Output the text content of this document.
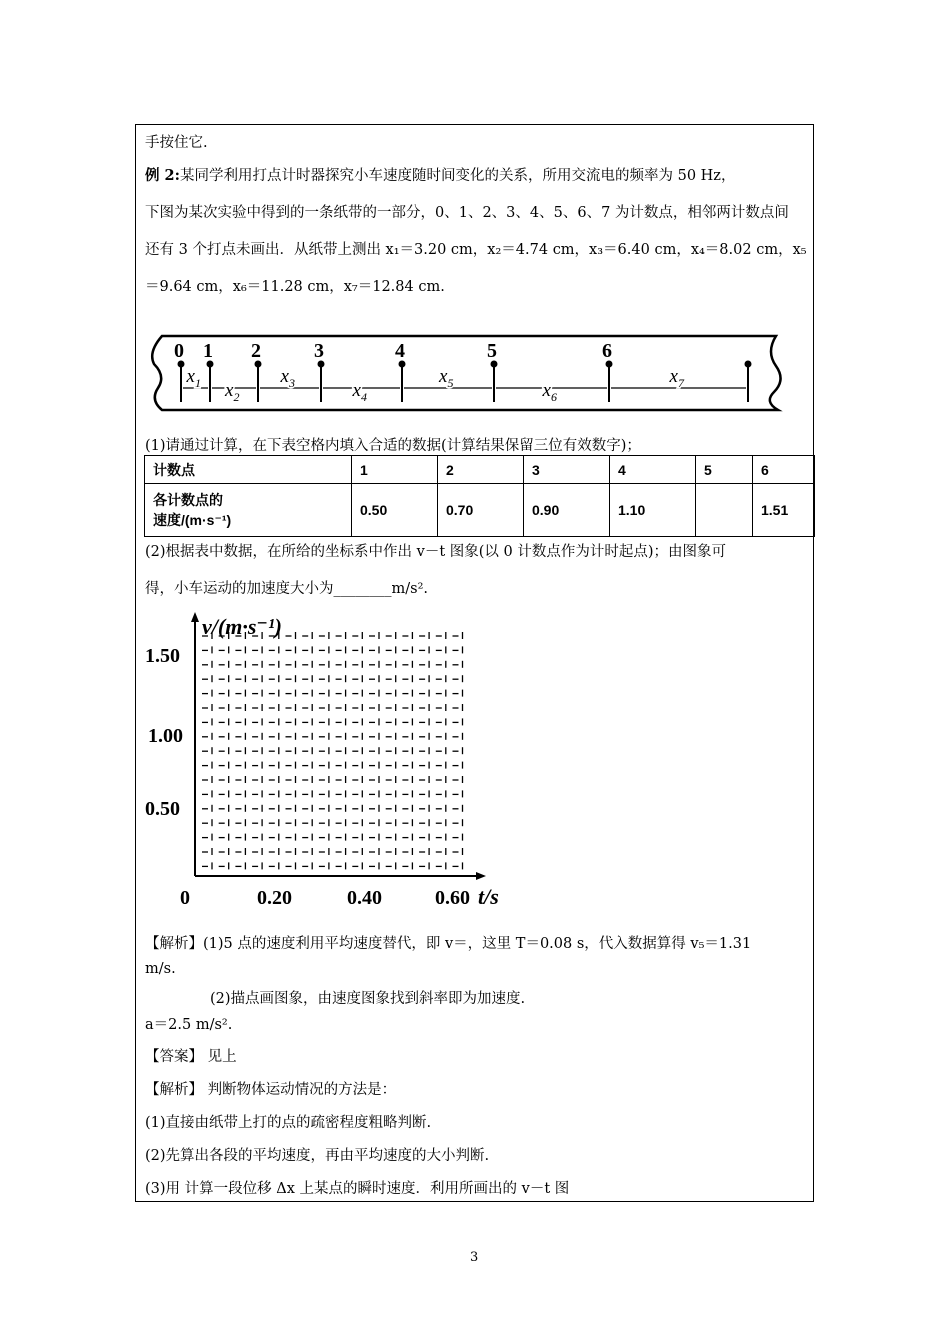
手按住它.
例 2:某同学利用打点计时器探究小车速度随时间变化的关系，所用交流电的频率为 50 Hz，
下图为某次实验中得到的一条纸带的一部分，0、1、2、3、4、5、6、7 为计数点，相邻两计数点间
还有 3 个打点未画出．从纸带上测出 x₁＝3.20 cm，x₂＝4.74 cm，x₃＝6.40 cm，x₄＝8.02 cm，x₅
＝9.64 cm，x₆＝11.28 cm，x₇＝12.84 cm.
0 1 2	3	4	5	6
$x_1$ $x_2$
$x_3$	$x_4$
$x_5$	$x_6$
$x_7$
(1)请通过计算，在下表空格内填入合适的数据(计算结果保留三位有效数字)；
计数点	1	2	3	4	5	6

各计数点的
速度/(m·s⁻¹)	0.50	0.70	0.90	1.10		1.51
(2)根据表中数据，在所给的坐标系中作出 v－t 图象(以 0 计数点作为计时起点)；由图象可
得，小车运动的加速度大小为________m/s².
v/(m·s⁻¹)
1.50
1.00
0.50
0	0.20	0.40	0.60 t/s
【解析】(1)5 点的速度利用平均速度替代，即 v＝，这里 T＝0.08 s，代入数据算得 v₅＝1.31
m/s.
(2)描点画图象，由速度图象找到斜率即为加速度.
a＝2.5 m/s².
【答案】 见上
【解析】 判断物体运动情况的方法是：
(1)直接由纸带上打的点的疏密程度粗略判断.
(2)先算出各段的平均速度，再由平均速度的大小判断.
(3)用 计算一段位移 Δx 上某点的瞬时速度．利用所画出的 v－t 图
3
